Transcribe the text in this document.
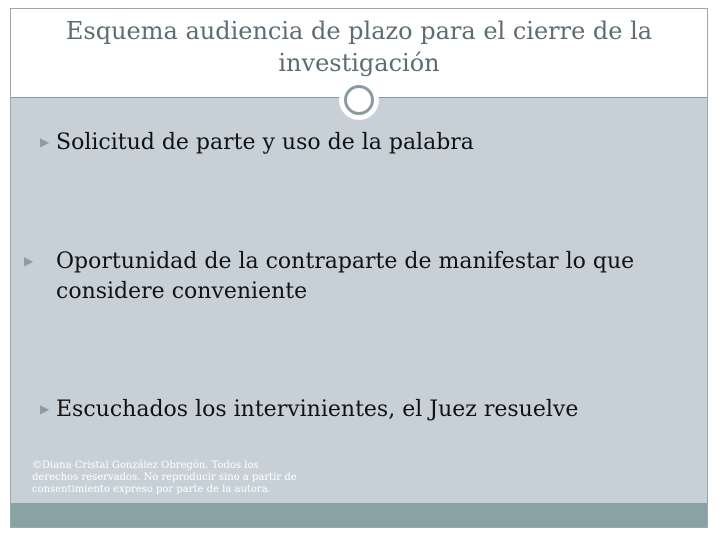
Esquema audiencia de plazo para el cierre de la investigación
▶ Solicitud de parte y uso de la palabra
▶ Oportunidad de la contraparte de manifestar lo que considere conveniente
▶ Escuchados los intervinientes, el Juez resuelve
©Diana Cristal González Obregón. Todos los derechos reservados. No reproducir sino a partir de consentimiento expreso por parte de la autora.
